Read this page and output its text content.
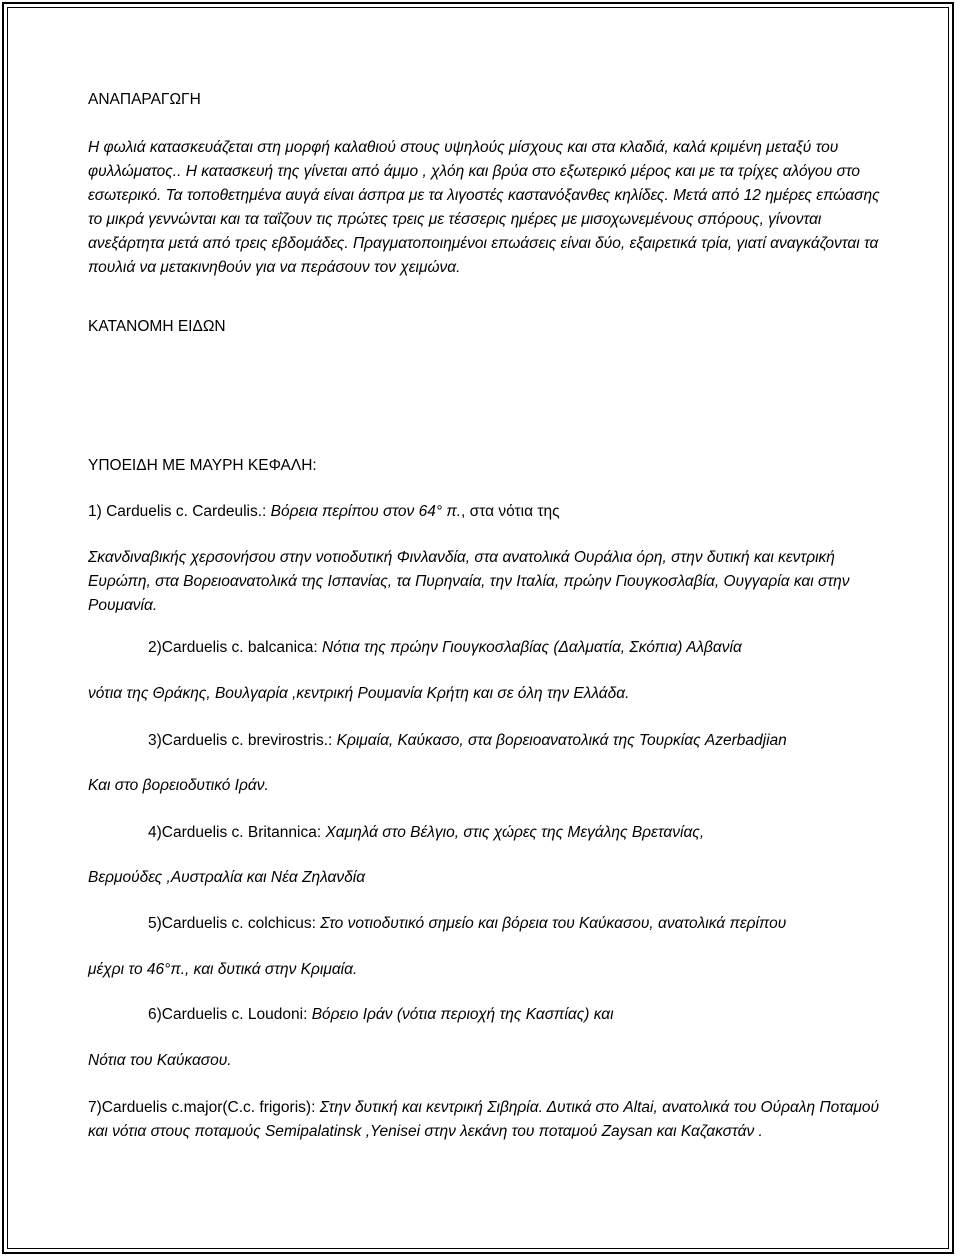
ΑΝΑΠΑΡΑΓΩΓΗ

Η φωλιά κατασκευάζεται στη μορφή καλαθιού στους υψηλούς μίσχους και στα κλαδιά, καλά κριμένη μεταξύ του φυλλώματος.. Η κατασκευή της γίνεται από άμμο , χλόη και βρύα στο εξωτερικό μέρος και με τα τρίχες αλόγου στο εσωτερικό. Τα τοποθετημένα αυγά είναι άσπρα με τα λιγοστές καστανόξανθες κηλίδες. Μετά από 12 ημέρες επώασης το μικρά γεννώνται και τα ταΐζουν τις πρώτες τρεις με τέσσερις ημέρες με μισοχωνεμένους σπόρους, γίνονται ανεξάρτητα μετά από τρεις εβδομάδες. Πραγματοποιημένοι επωάσεις είναι δύο, εξαιρετικά τρία, γιατί αναγκάζονται τα πουλιά να μετακινηθούν για να περάσουν τον χειμώνα.

ΚΑΤΑΝΟΜΗ ΕΙΔΩΝ

ΥΠΟΕΙΔΗ ΜΕ ΜΑΥΡΗ ΚΕΦΑΛΗ:

1) Carduelis c. Cardeulis.: Βόρεια περίπου στον 64° π., στα νότια της

Σκανδιναβικής χερσονήσου στην νοτιοδυτική Φινλανδία, στα ανατολικά Ουράλια όρη, στην δυτική και κεντρική Ευρώπη, στα Βορειοανατολικά της Ισπανίας, τα Πυρηναία, την Ιταλία, πρώην Γιουγκοσλαβία, Ουγγαρία και στην Ρουμανία.

2)Carduelis c. balcanica: Νότια της πρώην Γιουγκοσλαβίας (Δαλματία, Σκόπια) Αλβανία

νότια της Θράκης, Βουλγαρία ,κεντρική Ρουμανία Κρήτη και σε όλη την Ελλάδα.

3)Carduelis c. brevirostris.: Κριμαία, Καύκασο, στα βορειοανατολικά της Τουρκίας Azerbadjian

Και στο βορειοδυτικό Ιράν.

4)Carduelis c. Britannica: Χαμηλά στο Βέλγιο, στις χώρες της Μεγάλης Βρετανίας,

Βερμούδες ,Αυστραλία και Νέα Ζηλανδία

5)Carduelis c. colchicus: Στο νοτιοδυτικό σημείο και βόρεια του Καύκασου, ανατολικά περίπου

μέχρι το 46°π., και δυτικά στην Κριμαία.

6)Carduelis c. Loudoni: Βόρειο Ιράν (νότια περιοχή της Κασπίας) και

Νότια του Καύκασου.

7)Carduelis c.major(C.c. frigoris): Στην δυτική και κεντρική Σιβηρία. Δυτικά στο Altai, ανατολικά του Ούραλη Ποταμού και νότια στους ποταμούς Semipalatinsk ,Yenisei στην λεκάνη του ποταμού Zaysan και Καζακστάν .
